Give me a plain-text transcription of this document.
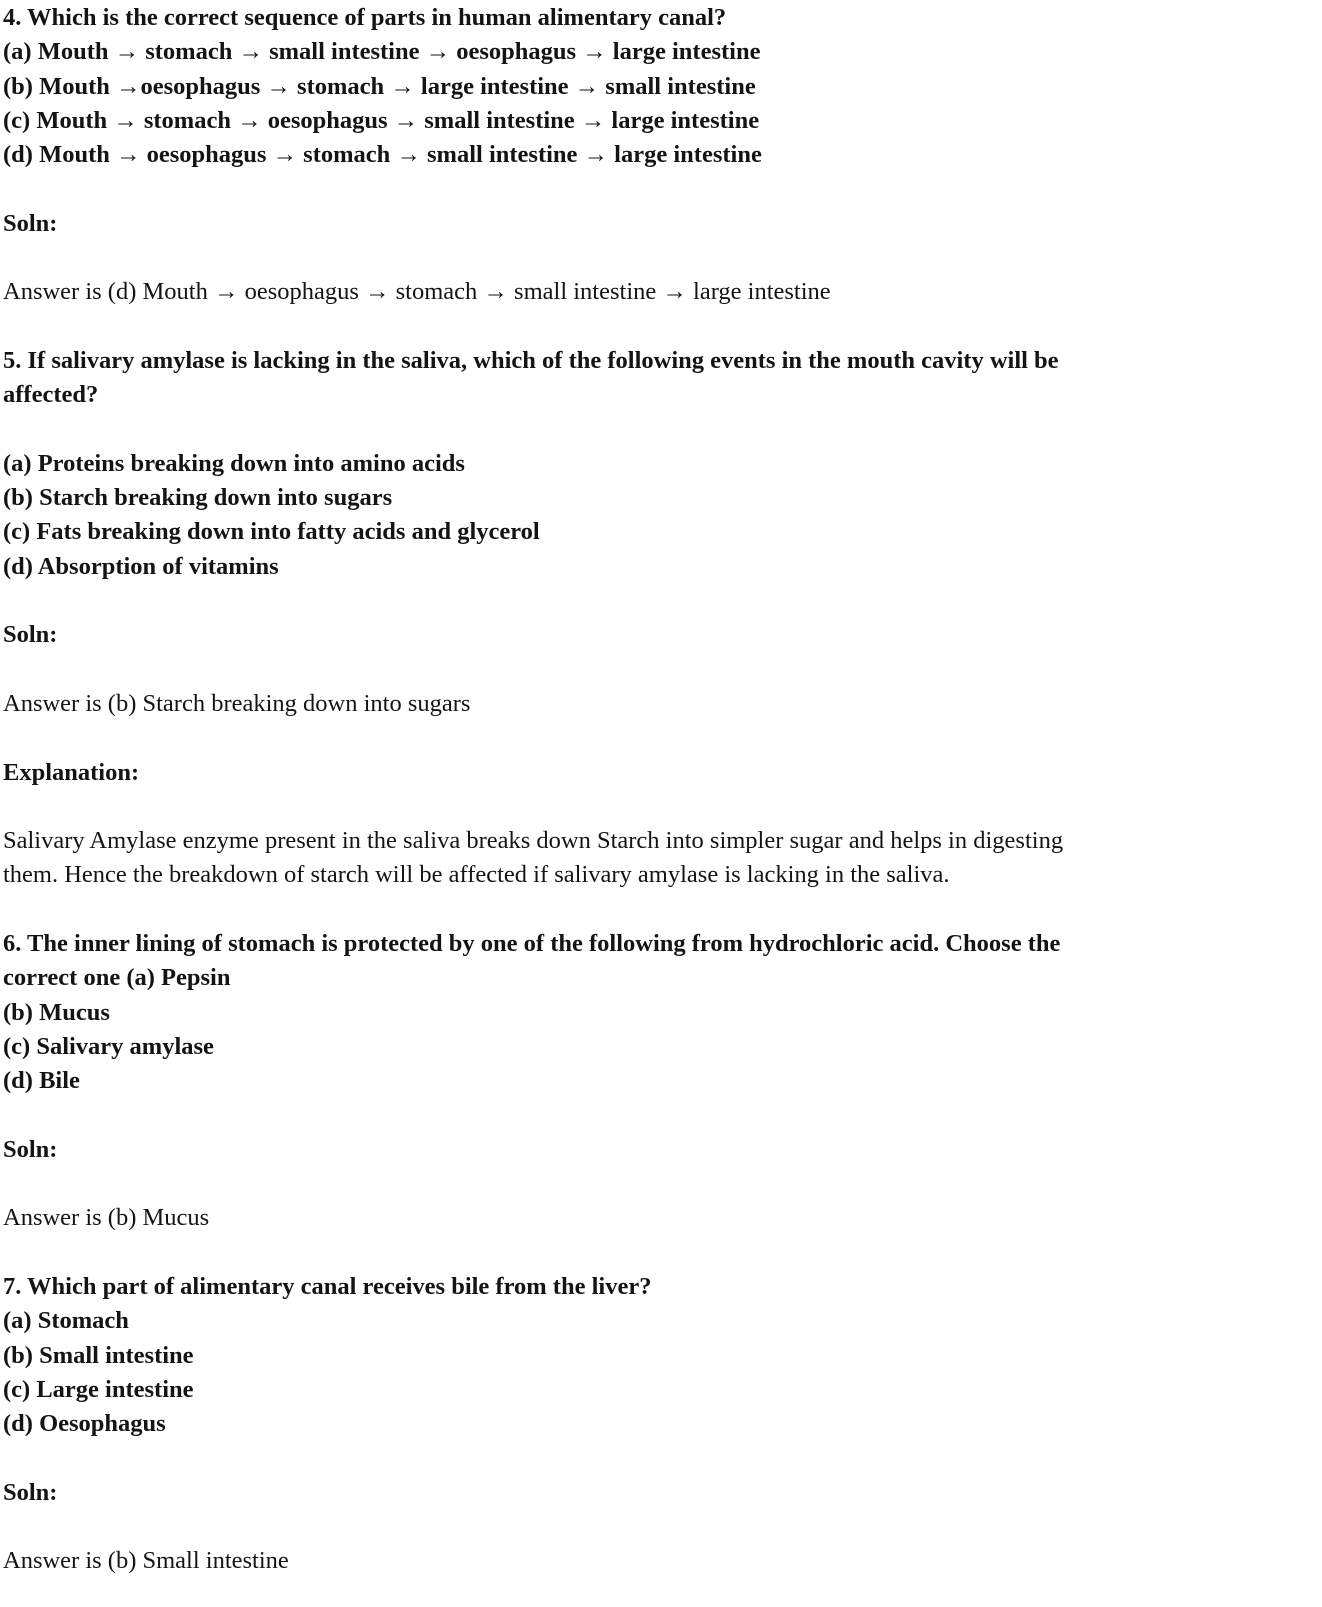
4. Which is the correct sequence of parts in human alimentary canal?
(a) Mouth → stomach → small intestine → oesophagus → large intestine
(b) Mouth →oesophagus → stomach → large intestine → small intestine
(c) Mouth → stomach → oesophagus → small intestine → large intestine
(d) Mouth → oesophagus → stomach → small intestine → large intestine
Soln:
Answer is (d) Mouth → oesophagus → stomach → small intestine → large intestine
5. If salivary amylase is lacking in the saliva, which of the following events in the mouth cavity will be
affected?
(a) Proteins breaking down into amino acids
(b) Starch breaking down into sugars
(c) Fats breaking down into fatty acids and glycerol
(d) Absorption of vitamins
Soln:
Answer is (b) Starch breaking down into sugars
Explanation:
Salivary Amylase enzyme present in the saliva breaks down Starch into simpler sugar and helps in digesting
them. Hence the breakdown of starch will be affected if salivary amylase is lacking in the saliva.
6. The inner lining of stomach is protected by one of the following from hydrochloric acid. Choose the
correct one (a) Pepsin
(b) Mucus
(c) Salivary amylase
(d) Bile
Soln:
Answer is (b) Mucus
7. Which part of alimentary canal receives bile from the liver?
(a) Stomach
(b) Small intestine
(c) Large intestine
(d) Oesophagus
Soln:
Answer is (b) Small intestine
